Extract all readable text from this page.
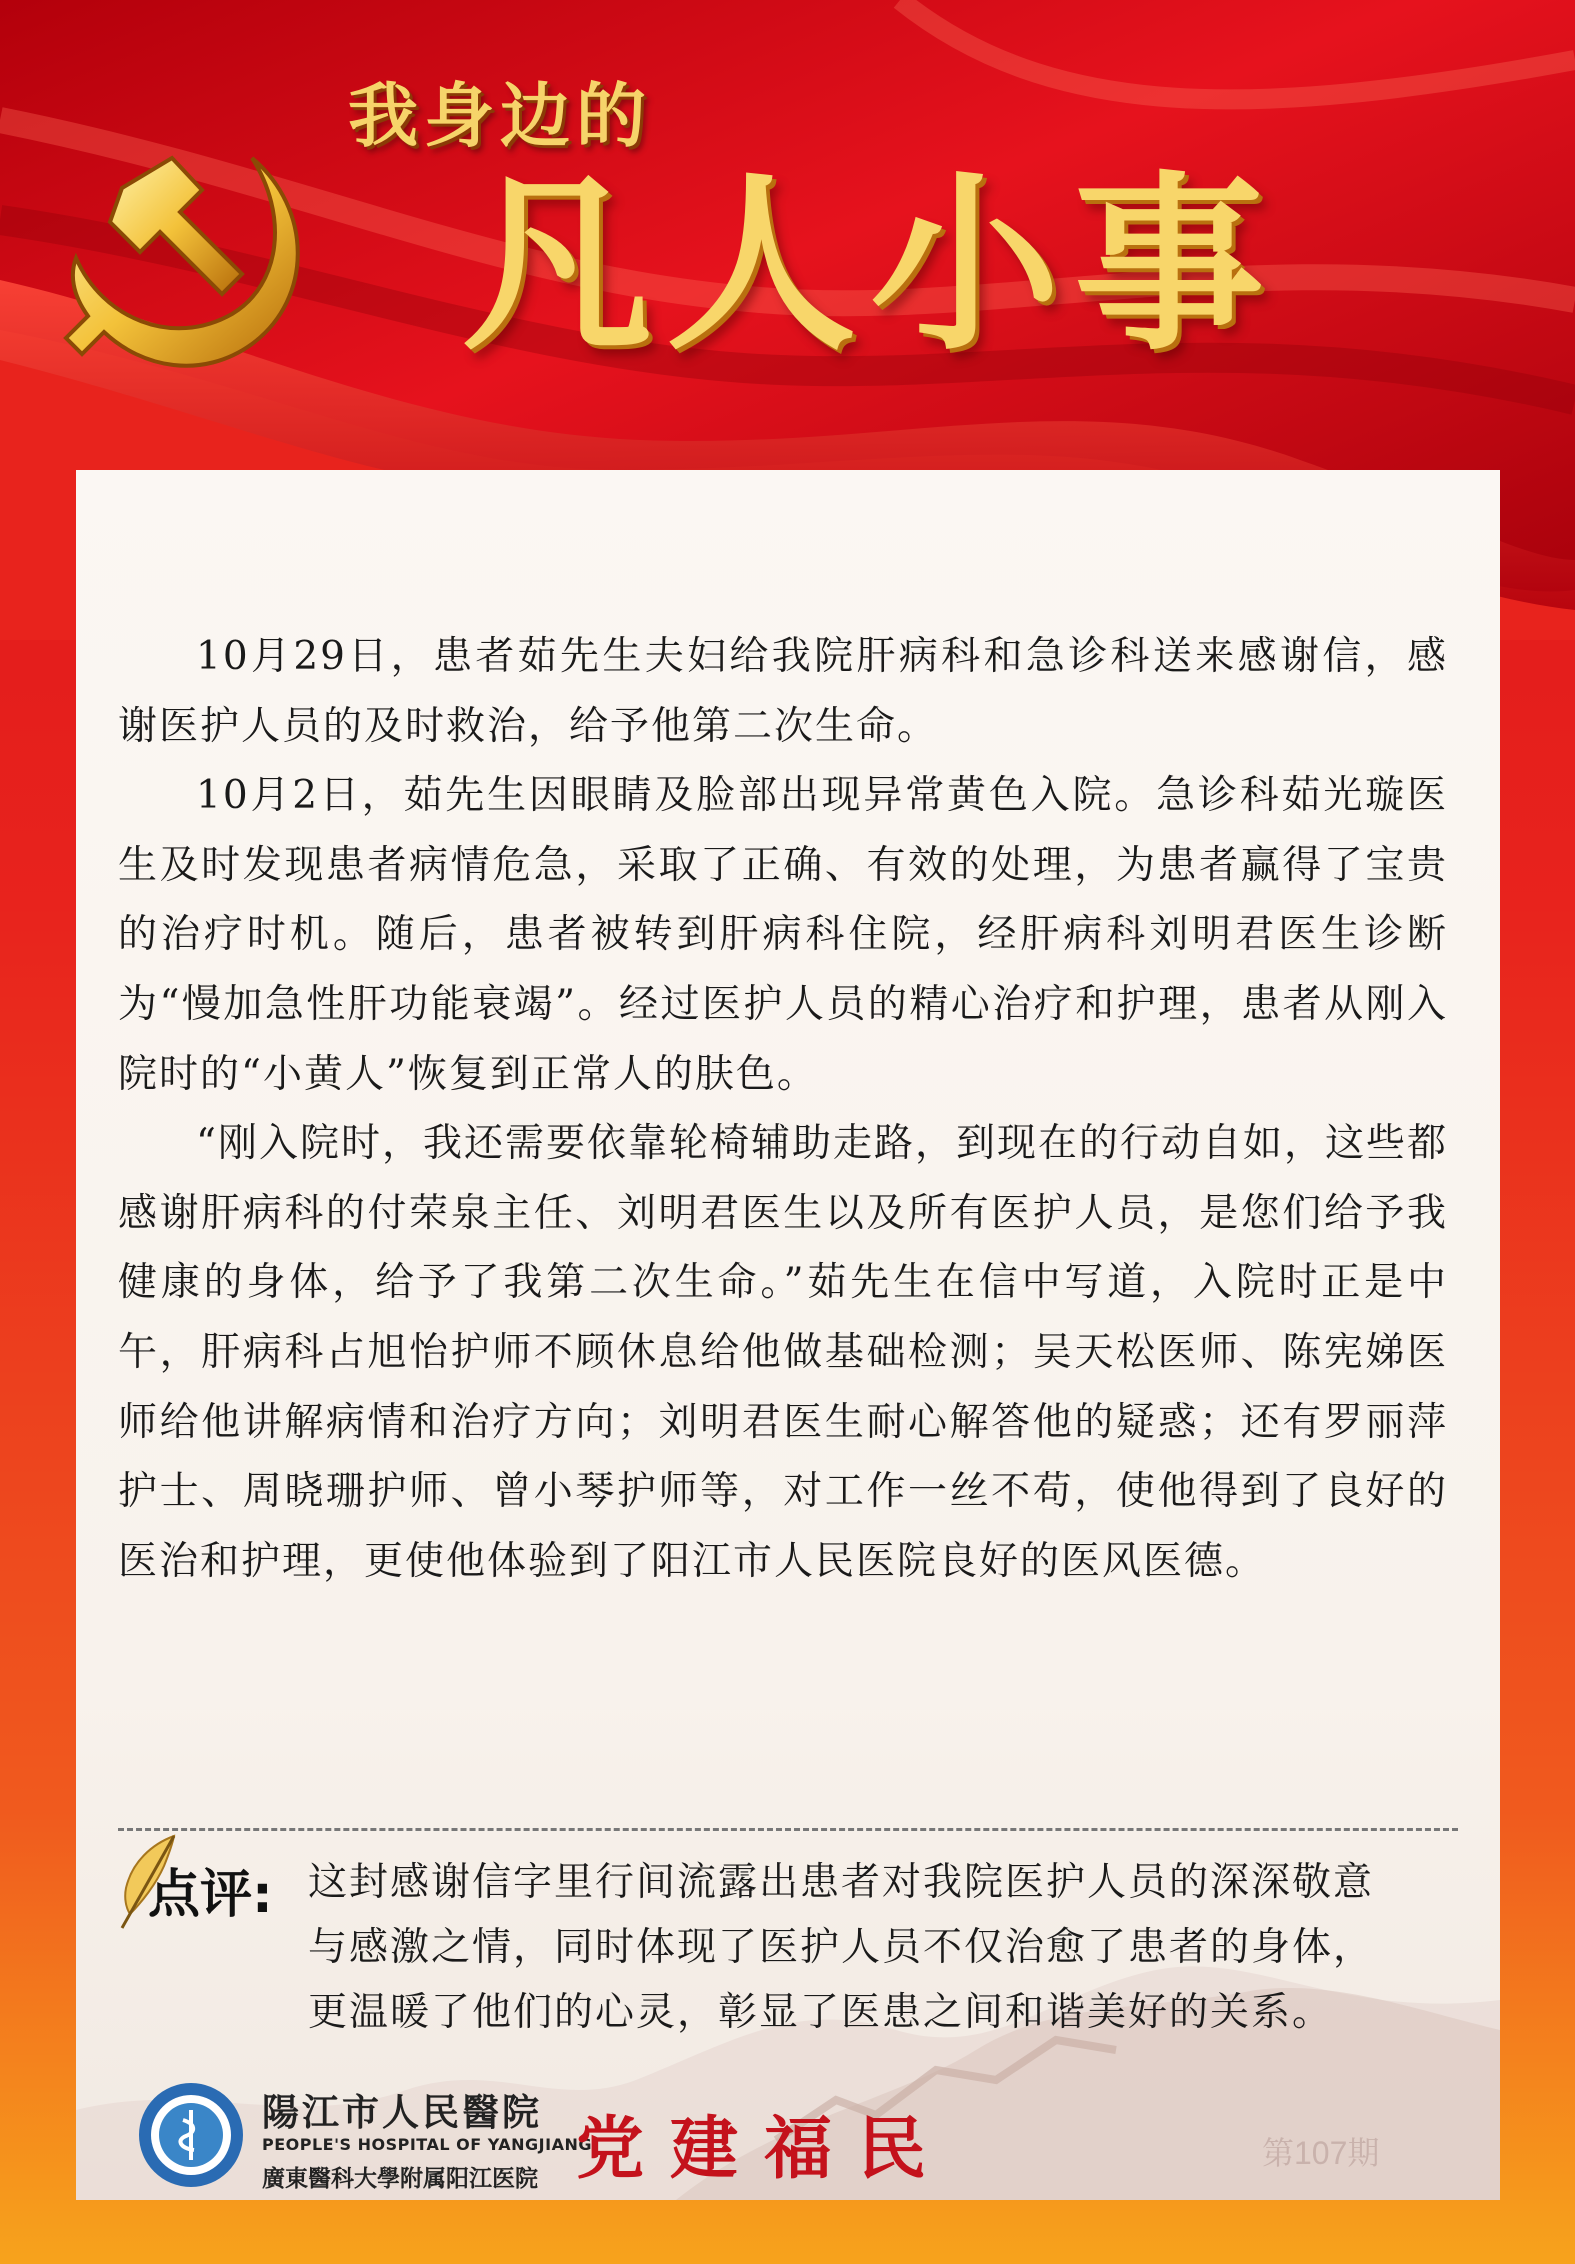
我身边的
凡人小事

10月29日，患者茹先生夫妇给我院肝病科和急诊科送来感谢信，感谢医护人员的及时救治，给予他第二次生命。

10月2日，茹先生因眼睛及脸部出现异常黄色入院。急诊科茹光璇医生及时发现患者病情危急，采取了正确、有效的处理，为患者赢得了宝贵的治疗时机。随后，患者被转到肝病科住院，经肝病科刘明君医生诊断为“慢加急性肝功能衰竭”。经过医护人员的精心治疗和护理，患者从刚入院时的“小黄人”恢复到正常人的肤色。

“刚入院时，我还需要依靠轮椅辅助走路，到现在的行动自如，这些都感谢肝病科的付荣泉主任、刘明君医生以及所有医护人员，是您们给予我健康的身体，给予了我第二次生命。”茹先生在信中写道，入院时正是中午，肝病科占旭怡护师不顾休息给他做基础检测；吴天松医师、陈宪娣医师给他讲解病情和治疗方向；刘明君医生耐心解答他的疑惑；还有罗丽萍护士、周晓珊护师、曾小琴护师等，对工作一丝不苟，使他得到了良好的医治和护理，更使他体验到了阳江市人民医院良好的医风医德。

点评: 这封感谢信字里行间流露出患者对我院医护人员的深深敬意
与感激之情，同时体现了医护人员不仅治愈了患者的身体，
更温暖了他们的心灵，彰显了医患之间和谐美好的关系。
陽江市人民醫院
PEOPLE'S HOSPITAL OF YANGJIANG
廣東醫科大學附属阳江医院 党建福民	第107期
